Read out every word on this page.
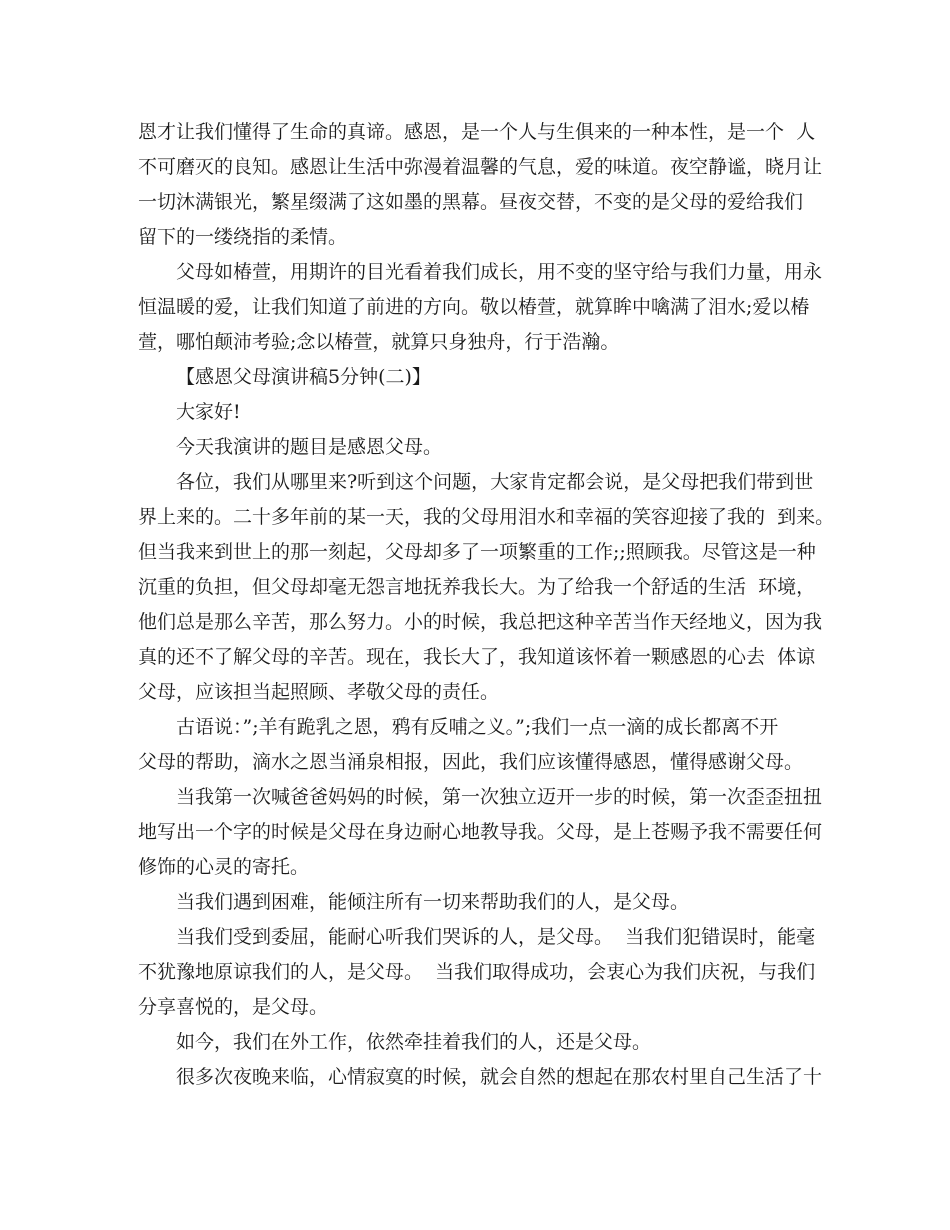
恩才让我们懂得了生命的真谛。感恩，是一个人与生俱来的一种本性，是一个  人
不可磨灭的良知。感恩让生活中弥漫着温馨的气息，爱的味道。夜空静谧，晓月让
一切沐满银光，繁星缀满了这如墨的黑幕。昼夜交替，不变的是父母的爱给我们
留下的一缕绕指的柔情。
父母如椿萱，用期许的目光看着我们成长，用不变的坚守给与我们力量，用永
恒温暖的爱，让我们知道了前进的方向。敬以椿萱，就算眸中噙满了泪水;爱以椿
萱，哪怕颠沛考验;念以椿萱，就算只身独舟，行于浩瀚。
【感恩父母演讲稿5分钟(二)】
大家好!
今天我演讲的题目是感恩父母。
各位，我们从哪里来?听到这个问题，大家肯定都会说，是父母把我们带到世
界上来的。二十多年前的某一天，我的父母用泪水和幸福的笑容迎接了我的  到来。
但当我来到世上的那一刻起，父母却多了一项繁重的工作;;照顾我。尽管这是一种
沉重的负担，但父母却毫无怨言地抚养我长大。为了给我一个舒适的生活  环境，
他们总是那么辛苦，那么努力。小的时候，我总把这种辛苦当作天经地义，因为我
真的还不了解父母的辛苦。现在，我长大了，我知道该怀着一颗感恩的心去  体谅
父母，应该担当起照顾、孝敬父母的责任。
古语说：”;羊有跪乳之恩，鸦有反哺之义。”;我们一点一滴的成长都离不开
父母的帮助，滴水之恩当涌泉相报，因此，我们应该懂得感恩，懂得感谢父母。
当我第一次喊爸爸妈妈的时候，第一次独立迈开一步的时候，第一次歪歪扭扭
地写出一个字的时候是父母在身边耐心地教导我。父母，是上苍赐予我不需要任何
修饰的心灵的寄托。
当我们遇到困难，能倾注所有一切来帮助我们的人，是父母。
当我们受到委屈，能耐心听我们哭诉的人，是父母。  当我们犯错误时，能毫
不犹豫地原谅我们的人，是父母。  当我们取得成功，会衷心为我们庆祝，与我们
分享喜悦的，是父母。
如今，我们在外工作，依然牵挂着我们的人，还是父母。
很多次夜晚来临，心情寂寞的时候，就会自然的想起在那农村里自己生活了十
